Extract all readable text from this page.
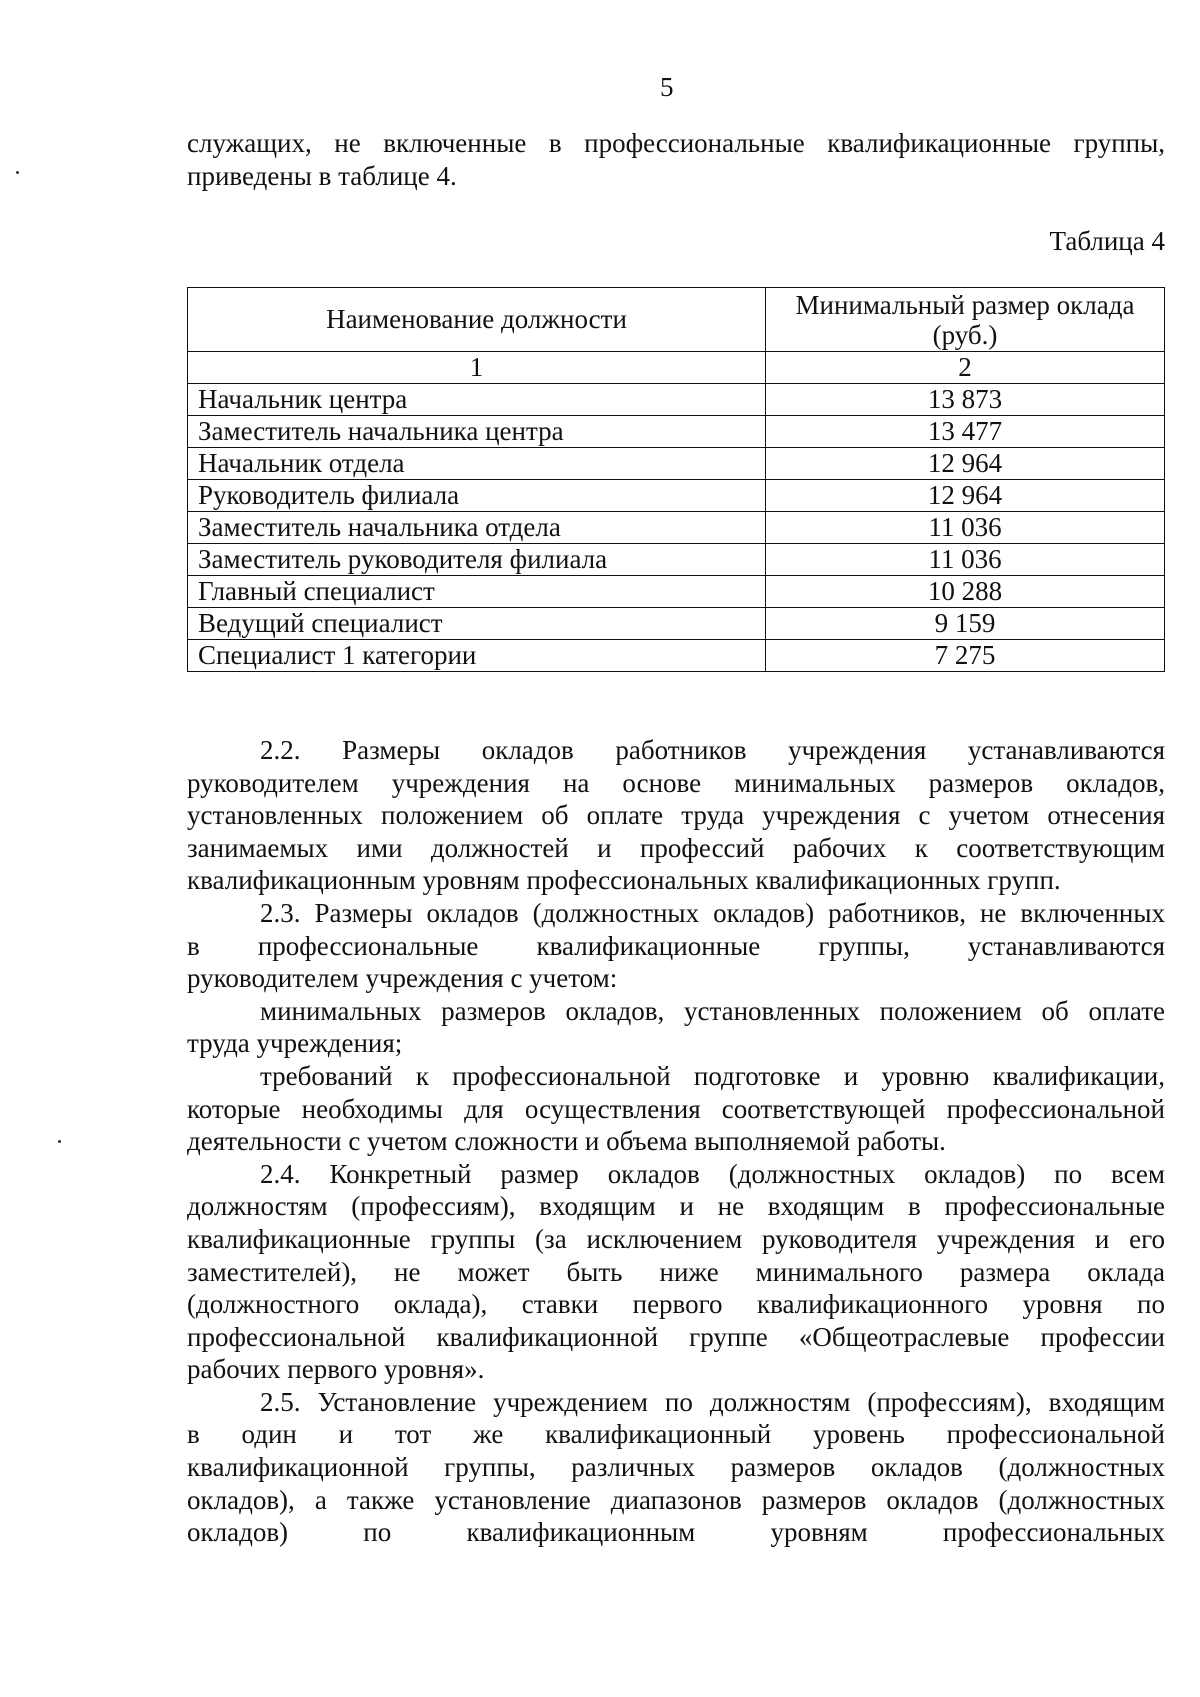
5
служащих, не включенные в профессиональные квалификационные группы,
приведены в таблице 4.
Таблица 4
Наименование должности	Минимальный размер оклада (руб.)
1	2
Начальник центра	13 873
Заместитель начальника центра	13 477
Начальник отдела	12 964
Руководитель филиала	12 964
Заместитель начальника отдела	11 036
Заместитель руководителя филиала	11 036
Главный специалист	10 288
Ведущий специалист	9 159
Специалист 1 категории	7 275
2.2. Размеры окладов работников учреждения устанавливаются
руководителем учреждения на основе минимальных размеров окладов,
установленных положением об оплате труда учреждения с учетом отнесения
занимаемых ими должностей и профессий рабочих к соответствующим
квалификационным уровням профессиональных квалификационных групп.
2.3. Размеры окладов (должностных окладов) работников, не включенных
в профессиональные квалификационные группы, устанавливаются
руководителем учреждения с учетом:
минимальных размеров окладов, установленных положением об оплате
труда учреждения;
требований к профессиональной подготовке и уровню квалификации,
которые необходимы для осуществления соответствующей профессиональной
деятельности с учетом сложности и объема выполняемой работы.
2.4. Конкретный размер окладов (должностных окладов) по всем
должностям (профессиям), входящим и не входящим в профессиональные
квалификационные группы (за исключением руководителя учреждения и его
заместителей), не может быть ниже минимального размера оклада
(должностного оклада), ставки первого квалификационного уровня по
профессиональной квалификационной группе «Общеотраслевые профессии
рабочих первого уровня».
2.5. Установление учреждением по должностям (профессиям), входящим
в один и тот же квалификационный уровень профессиональной
квалификационной группы, различных размеров окладов (должностных
окладов), а также установление диапазонов размеров окладов (должностных
окладов) по квалификационным уровням профессиональных
